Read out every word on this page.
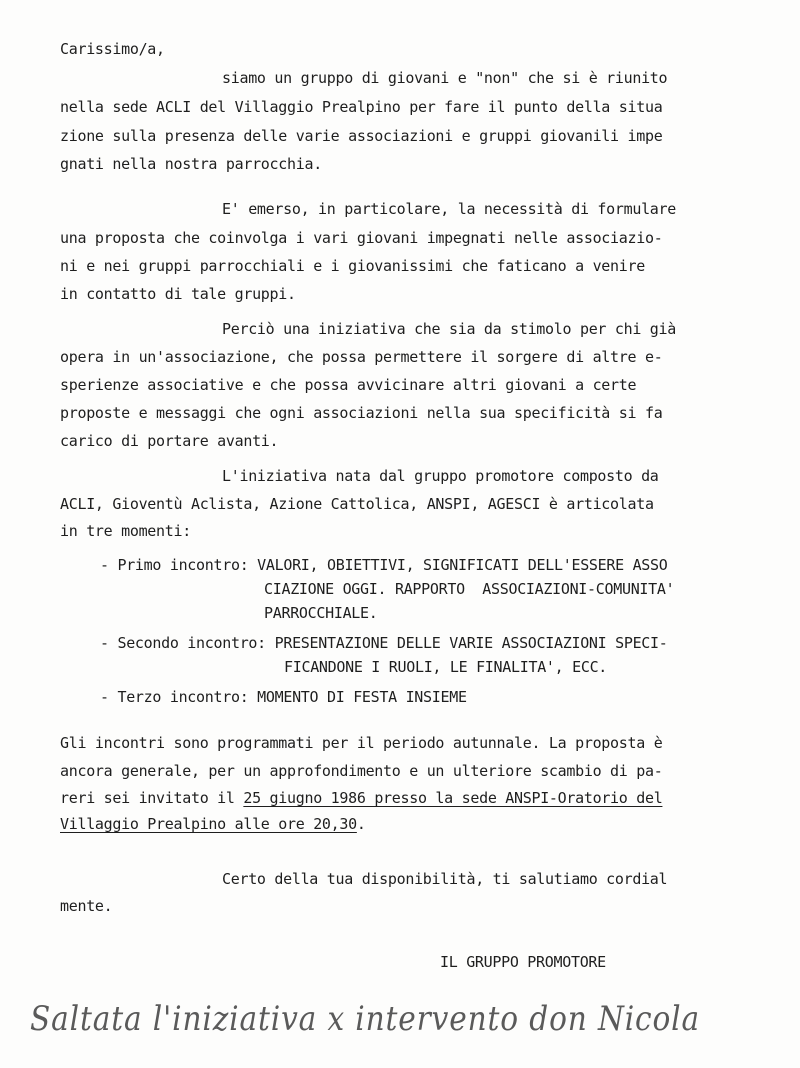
Carissimo/a,
siamo un gruppo di giovani e "non" che si è riunito
nella sede ACLI del Villaggio Prealpino per fare il punto della situa
zione sulla presenza delle varie associazioni e gruppi giovanili impe
gnati nella nostra parrocchia.
E' emerso, in particolare, la necessità di formulare
una proposta che coinvolga i vari giovani impegnati nelle associazio-
ni e nei gruppi parrocchiali e i giovanissimi che faticano a venire
in contatto di tale gruppi.
Perciò una iniziativa che sia da stimolo per chi già
opera in un'associazione, che possa permettere il sorgere di altre e-
sperienze associative e che possa avvicinare altri giovani a certe
proposte e messaggi che ogni associazioni nella sua specificità si fa
carico di portare avanti.
L'iniziativa nata dal gruppo promotore composto da
ACLI, Gioventù Aclista, Azione Cattolica, ANSPI, AGESCI è articolata
in tre momenti:
- Primo incontro: VALORI, OBIETTIVI, SIGNIFICATI DELL'ESSERE ASSO
CIAZIONE OGGI. RAPPORTO  ASSOCIAZIONI-COMUNITA'
PARROCCHIALE.
- Secondo incontro: PRESENTAZIONE DELLE VARIE ASSOCIAZIONI SPECI-
FICANDONE I RUOLI, LE FINALITA', ECC.
- Terzo incontro: MOMENTO DI FESTA INSIEME
Gli incontri sono programmati per il periodo autunnale. La proposta è
ancora generale, per un approfondimento e un ulteriore scambio di pa-
reri sei invitato il 25 giugno 1986 presso la sede ANSPI-Oratorio del
Villaggio Prealpino alle ore 20,30.
Certo della tua disponibilità, ti salutiamo cordial
mente.
IL GRUPPO PROMOTORE
Saltata l'iniziativa x intervento don Nicola
